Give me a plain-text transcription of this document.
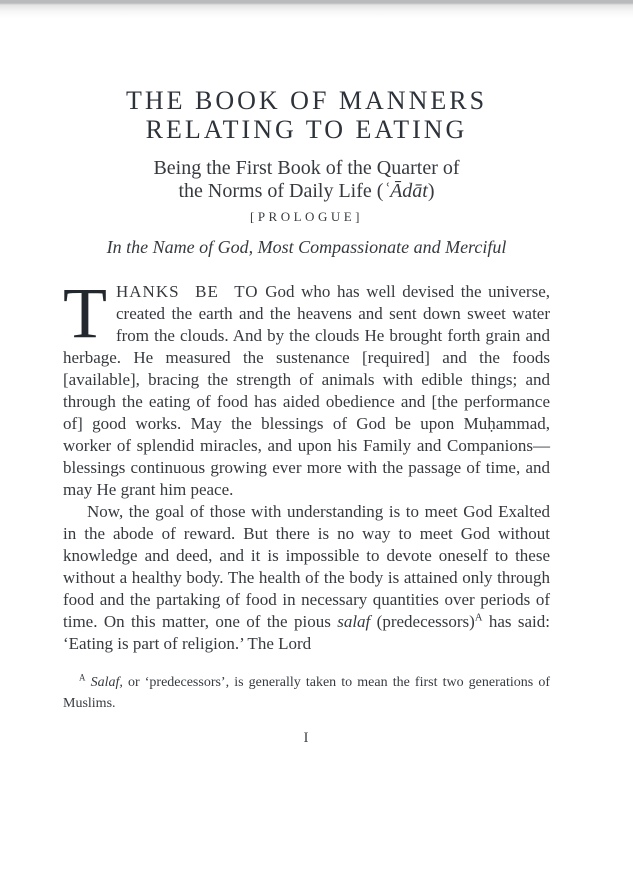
THE BOOK OF MANNERS
RELATING TO EATING
Being the First Book of the Quarter of
the Norms of Daily Life (ʿĀdāt)
[PROLOGUE]
In the Name of God, Most Compassionate and Merciful

THANKS BE TO God who has well devised the universe, created the earth and the heavens and sent down sweet water from the clouds. And by the clouds He brought forth grain and herbage. He measured the sustenance [required] and the foods [available], bracing the strength of animals with edible things; and through the eating of food has aided obedience and [the performance of] good works. May the blessings of God be upon Muḥammad, worker of splendid miracles, and upon his Family and Companions—blessings continuous growing ever more with the passage of time, and may He grant him peace.

Now, the goal of those with understanding is to meet God Exalted in the abode of reward. But there is no way to meet God without knowledge and deed, and it is impossible to devote oneself to these without a healthy body. The health of the body is attained only through food and the partaking of food in necessary quantities over periods of time. On this matter, one of the pious salaf (predecessors)$^A$ has said: ‘Eating is part of religion.’ The Lord

$^A$ Salaf, or ‘predecessors’, is generally taken to mean the first two generations of Muslims.
I
